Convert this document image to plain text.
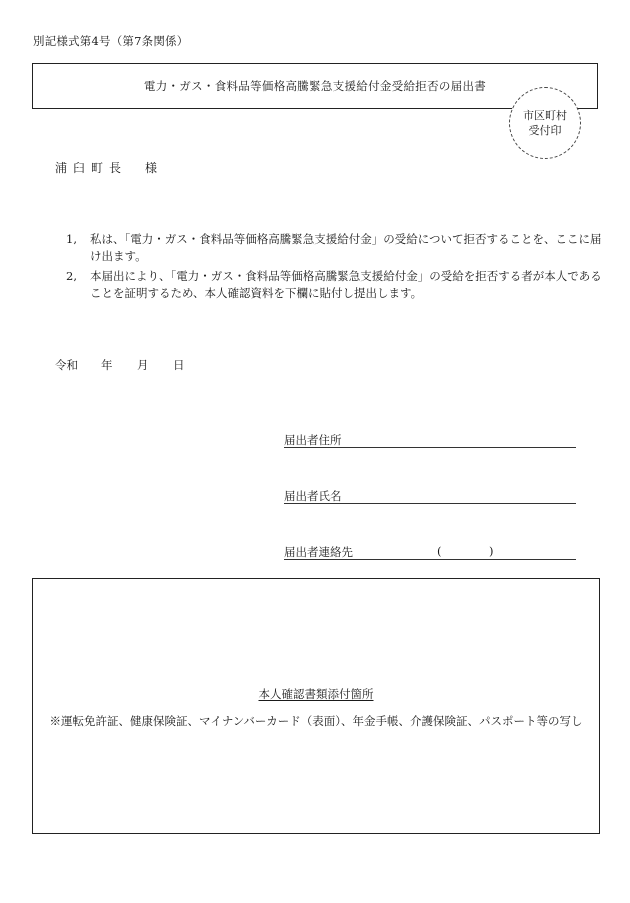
別記様式第4号（第7条関係）
電力・ガス・食料品等価格高騰緊急支援給付金受給拒否の届出書
市区町村
受付印
浦臼町長 様
1,	私は、「電力・ガス・食料品等価格高騰緊急支援給付金」の受給について拒否することを、ここに届け出ます。
2,	本届出により、「電力・ガス・食料品等価格高騰緊急支援給付金」の受給を拒否する者が本人であることを証明するため、本人確認資料を下欄に貼付し提出します。
令和	年	月	日
届出者住所
届出者氏名
届出者連絡先	(	)
本人確認書類添付箇所
※運転免許証、健康保険証、マイナンバーカード（表面）、年金手帳、介護保険証、パスポート等の写し
